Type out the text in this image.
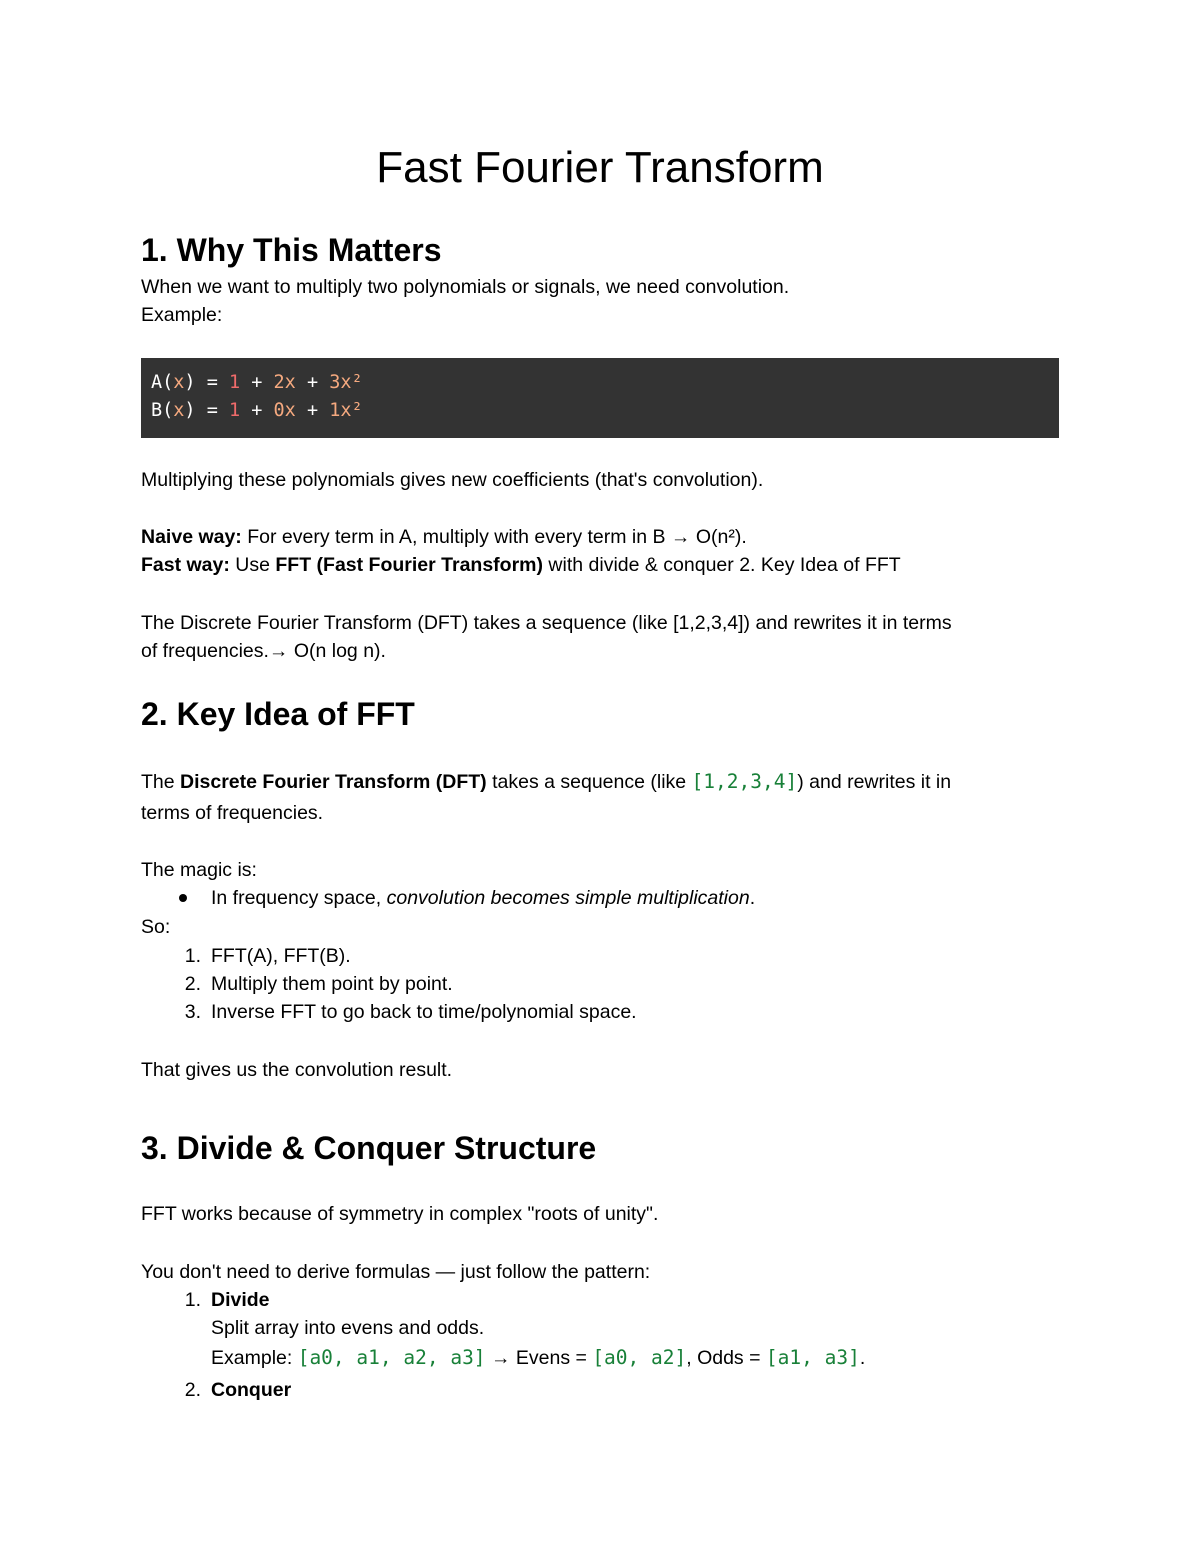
Fast Fourier Transform
1. Why This Matters
When we want to multiply two polynomials or signals, we need convolution.
Example:
A(x) = 1 + 2x + 3x²
B(x) = 1 + 0x + 1x²
Multiplying these polynomials gives new coefficients (that's convolution).
Naive way: For every term in A, multiply with every term in B → O(n²).
Fast way: Use FFT (Fast Fourier Transform) with divide & conquer 2. Key Idea of FFT
The Discrete Fourier Transform (DFT) takes a sequence (like [1,2,3,4]) and rewrites it in terms
of frequencies.→ O(n log n).
2. Key Idea of FFT
The Discrete Fourier Transform (DFT) takes a sequence (like [1,2,3,4]) and rewrites it in
terms of frequencies.
The magic is:
In frequency space, convolution becomes simple multiplication.
So:
1. FFT(A), FFT(B).
2. Multiply them point by point.
3. Inverse FFT to go back to time/polynomial space.
That gives us the convolution result.
3. Divide & Conquer Structure
FFT works because of symmetry in complex "roots of unity".
You don't need to derive formulas — just follow the pattern:
1. Divide
Split array into evens and odds.
Example: [a0, a1, a2, a3] → Evens = [a0, a2], Odds = [a1, a3].
2. Conquer
